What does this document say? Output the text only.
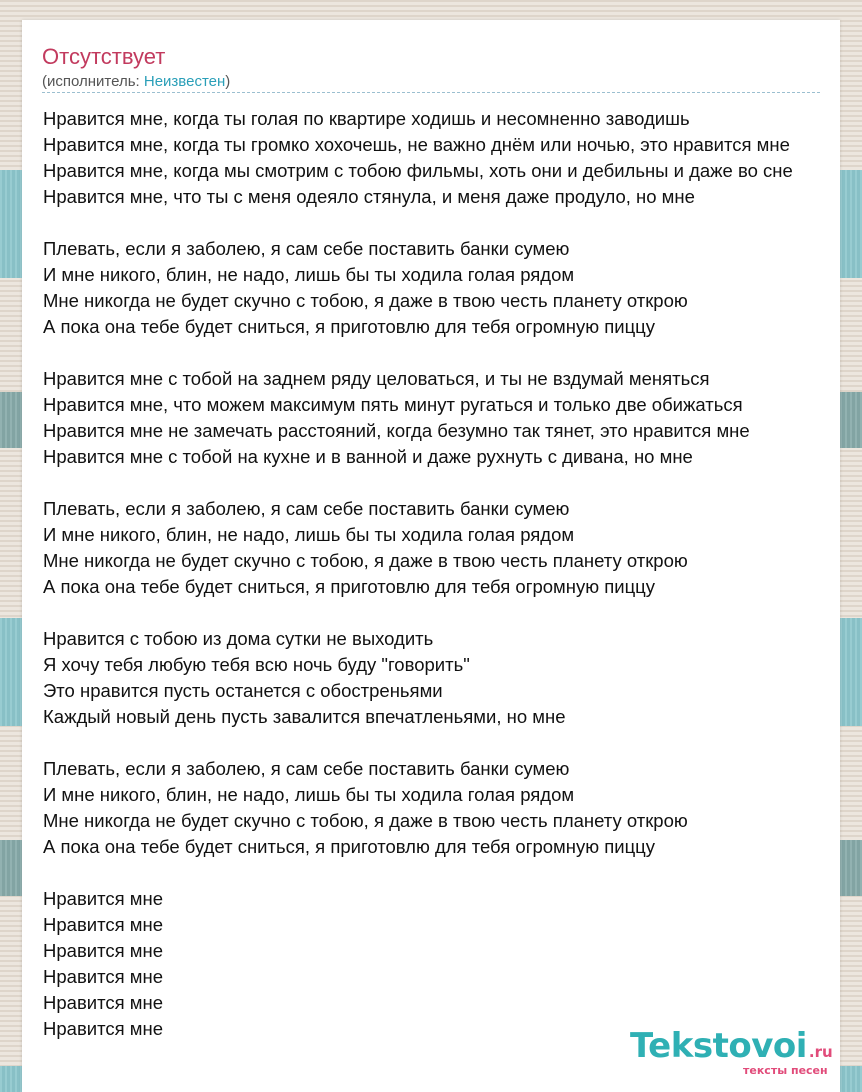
Отсутствует
(исполнитель: Неизвестен)
Нравится мне, когда ты голая по квартире ходишь и несомненно заводишь
Нравится мне, когда ты громко хохочешь, не важно днём или ночью, это нравится мне
Нравится мне, когда мы смотрим с тобою фильмы, хоть они и дебильны и даже во сне
Нравится мне, что ты с меня одеяло стянула, и меня даже продуло, но мне
Плевать, если я заболею, я сам себе поставить банки сумею
И мне никого, блин, не надо, лишь бы ты ходила голая рядом
Мне никогда не будет скучно с тобою, я даже в твою честь планету открою
А пока она тебе будет сниться, я приготовлю для тебя огромную пиццу
Нравится мне с тобой на заднем ряду целоваться, и ты не вздумай меняться
Нравится мне, что можем максимум пять минут ругаться и только две обижаться
Нравится мне не замечать расстояний, когда безумно так тянет, это нравится мне
Нравится мне с тобой на кухне и в ванной и даже рухнуть с дивана, но мне
Плевать, если я заболею, я сам себе поставить банки сумею
И мне никого, блин, не надо, лишь бы ты ходила голая рядом
Мне никогда не будет скучно с тобою, я даже в твою честь планету открою
А пока она тебе будет сниться, я приготовлю для тебя огромную пиццу
Нравится с тобою из дома сутки не выходить
Я хочу тебя любую тебя всю ночь буду "говорить"
Это нравится пусть останется с обостреньями
Каждый новый день пусть завалится впечатленьями, но мне
Плевать, если я заболею, я сам себе поставить банки сумею
И мне никого, блин, не надо, лишь бы ты ходила голая рядом
Мне никогда не будет скучно с тобою, я даже в твою честь планету открою
А пока она тебе будет сниться, я приготовлю для тебя огромную пиццу
Нравится мне
Нравится мне
Нравится мне
Нравится мне
Нравится мне
Нравится мне	Tekstovoi .ru
тексты песен
